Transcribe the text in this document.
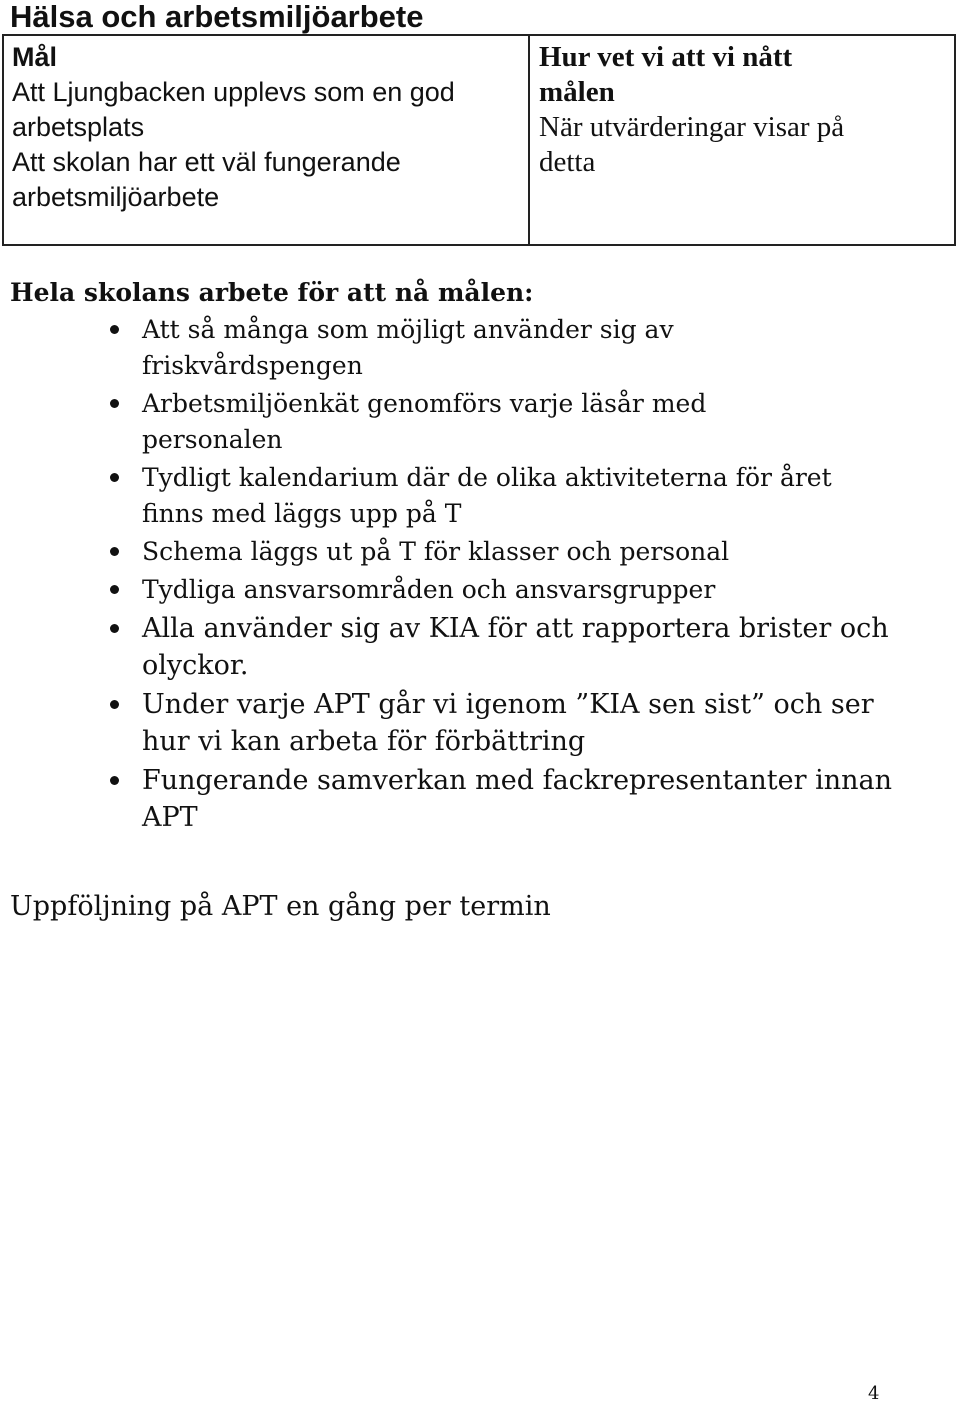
Hälsa och arbetsmiljöarbete
Mål
Att Ljungbacken upplevs som en god
arbetsplats
Att skolan har ett väl fungerande
arbetsmiljöarbete
Hur vet vi att vi nått
målen
När utvärderingar visar på
detta
Hela skolans arbete för att nå målen:
Att så många som möjligt använder sig av
friskvårdspengen
Arbetsmiljöenkät genomförs varje läsår med
personalen
Tydligt kalendarium där de olika aktiviteterna för året
finns med läggs upp på T
Schema läggs ut på T för klasser och personal
Tydliga ansvarsområden och ansvarsgrupper
Alla använder sig av KIA för att rapportera brister och
olyckor.
Under varje APT går vi igenom ”KIA sen sist” och ser
hur vi kan arbeta för förbättring
Fungerande samverkan med fackrepresentanter innan
APT

Uppföljning på APT en gång per termin

4
